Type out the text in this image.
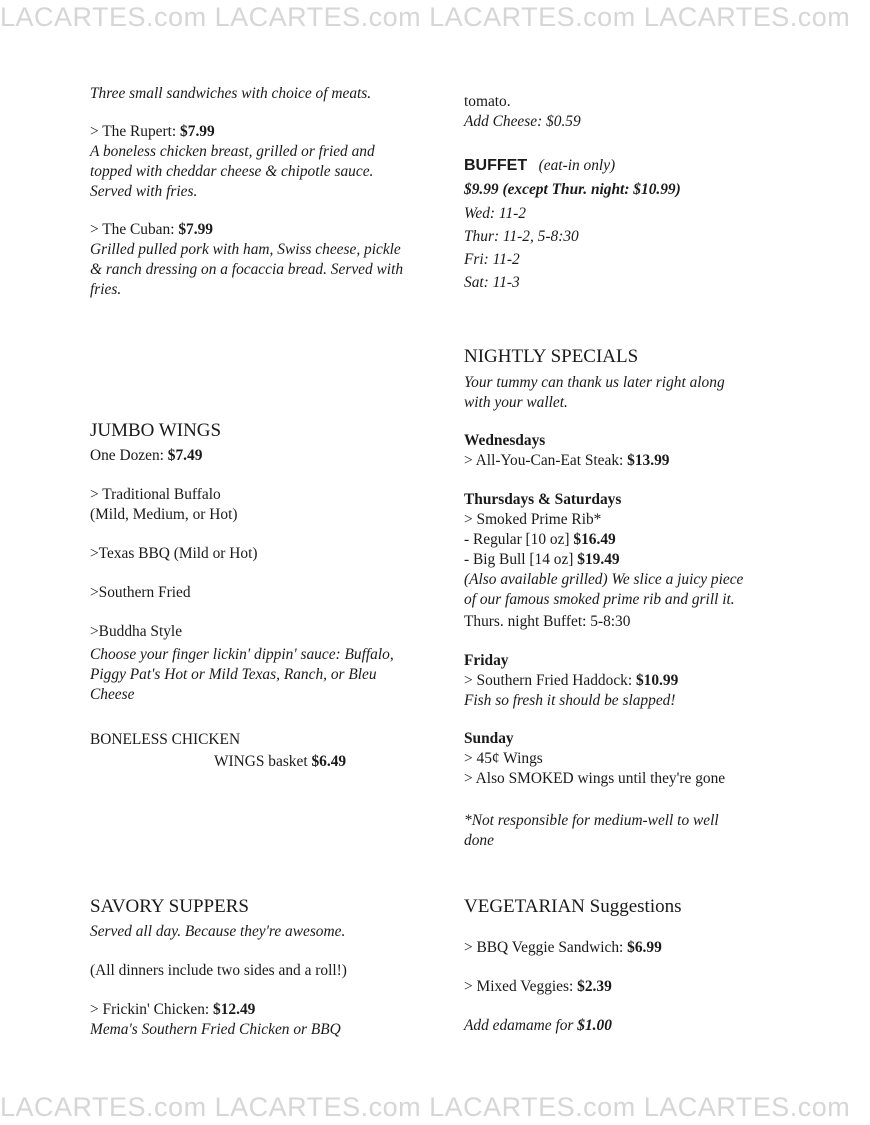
LACARTES.com LACARTES.com LACARTES.com LACARTES.com
LACARTES.com LACARTES.com LACARTES.com LACARTES.com
Three small sandwiches with choice of meats.

> The Rupert: $7.99

A boneless chicken breast, grilled or fried and

topped with cheddar cheese & chipotle sauce.

Served with fries.

> The Cuban: $7.99

Grilled pulled pork with ham, Swiss cheese, pickle

& ranch dressing on a focaccia bread. Served with

fries.

JUMBO WINGS
One Dozen: $7.49

> Traditional Buffalo

(Mild, Medium, or Hot)

>Texas BBQ (Mild or Hot)
>Southern Fried
>Buddha Style

Choose your finger lickin' dippin' sauce: Buffalo,

Piggy Pat's Hot or Mild Texas, Ranch, or Bleu

Cheese

BONELESS CHICKEN

WINGS basket $6.49

SAVORY SUPPERS
Served all day. Because they're awesome.
(All dinners include two sides and a roll!)

> Frickin' Chicken: $12.49

Mema's Southern Fried Chicken or BBQ

tomato.
Add Cheese: $0.59
BUFFET (eat-in only)
$9.99 (except Thur. night: $10.99)
Wed: 11-2
Thur: 11-2, 5-8:30
Fri: 11-2
Sat: 11-3
NIGHTLY SPECIALS

Your tummy can thank us later right along

with your wallet.

Wednesdays

> All-You-Can-Eat Steak: $13.99

Thursdays & Saturdays

> Smoked Prime Rib*

- Regular [10 oz] $16.49

- Big Bull [14 oz] $19.49

(Also available grilled) We slice a juicy piece

of our famous smoked prime rib and grill it.

Thurs. night Buffet: 5-8:30

Friday

> Southern Fried Haddock: $10.99

Fish so fresh it should be slapped!

Sunday

> 45¢ Wings

> Also SMOKED wings until they're gone

*Not responsible for medium-well to well

done

VEGETARIAN Suggestions
> BBQ Veggie Sandwich: $6.99
> Mixed Veggies: $2.39
Add edamame for $1.00
